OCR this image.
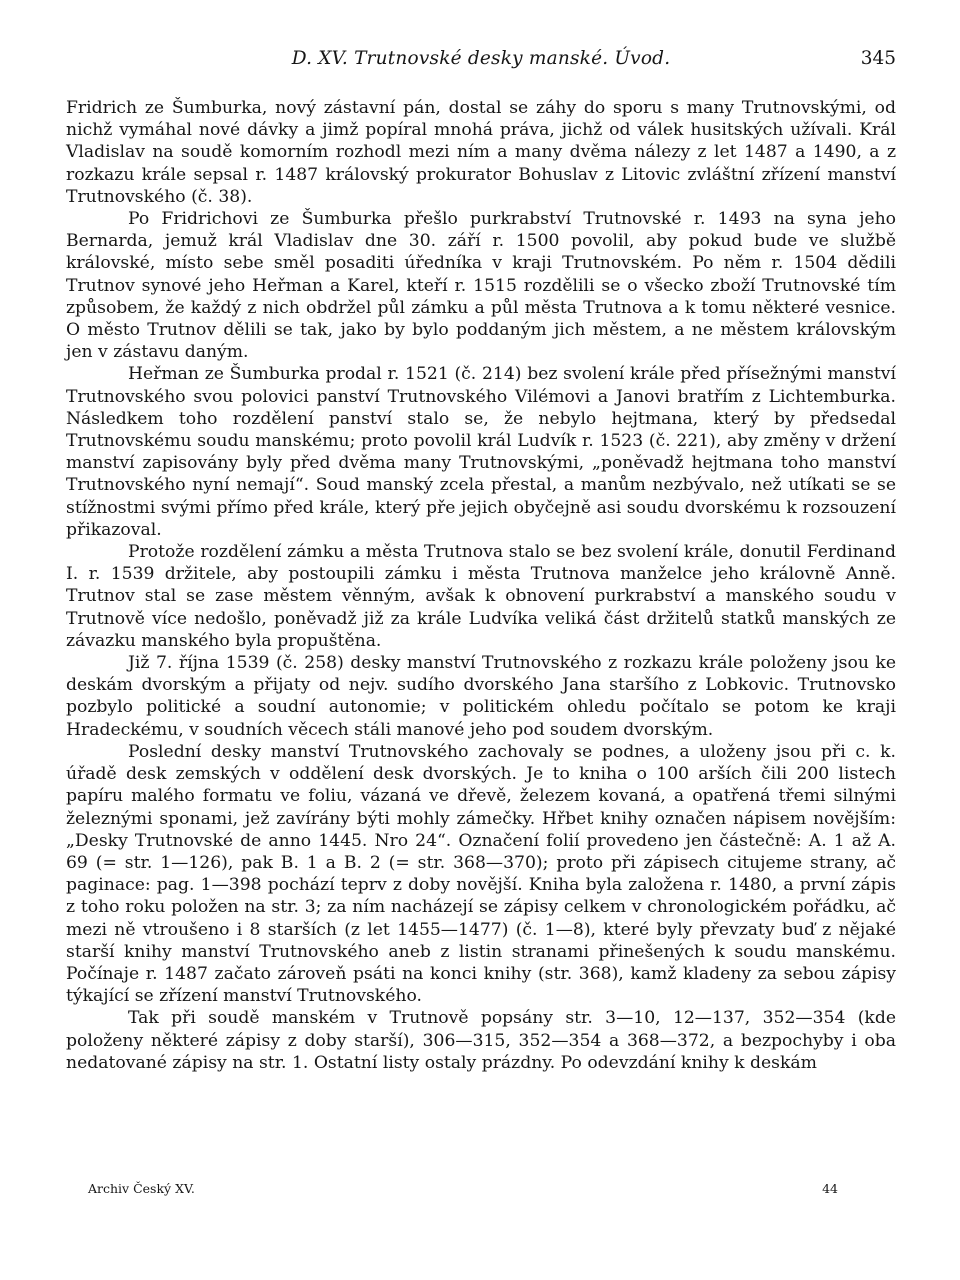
D. XV. Trutnovské desky manské. Úvod.	345

Fridrich ze Šumburka, nový zástavní pán, dostal se záhy do sporu s many Trutnovskými, od nichž vymáhal nové dávky a jimž popíral mnohá práva, jichž od válek husitských užívali. Král Vladislav na soudě komorním rozhodl mezi ním a many dvěma nálezy z let 1487 a 1490, a z rozkazu krále sepsal r. 1487 královský prokurator Bohuslav z Litovic zvláštní zřízení manství Trutnovského (č. 38).

Po Fridrichovi ze Šumburka přešlo purkrabství Trutnovské r. 1493 na syna jeho Bernarda, jemuž král Vladislav dne 30. září r. 1500 povolil, aby pokud bude ve službě královské, místo sebe směl posaditi úředníka v kraji Trutnovském. Po něm r. 1504 dědili Trutnov synové jeho Heřman a Karel, kteří r. 1515 rozdělili se o všecko zboží Trutnovské tím způsobem, že každý z nich obdržel půl zámku a půl města Trutnova a k tomu některé vesnice. O město Trutnov dělili se tak, jako by bylo poddaným jich městem, a ne městem královským jen v zástavu daným.

Heřman ze Šumburka prodal r. 1521 (č. 214) bez svolení krále před přísežnými manství Trutnovského svou polovici panství Trutnovského Vilémovi a Janovi bratřím z Lichtemburka. Následkem toho rozdělení panství stalo se, že nebylo hejtmana, který by předsedal Trutnovskému soudu manskému; proto povolil král Ludvík r. 1523 (č. 221), aby změny v držení manství zapisovány byly před dvěma many Trutnovskými, „poněvadž hejtmana toho manství Trutnovského nyní nemají“. Soud manský zcela přestal, a manům nezbývalo, než utíkati se se stížnostmi svými přímo před krále, který pře jejich obyčejně asi soudu dvorskému k rozsouzení přikazoval.

Protože rozdělení zámku a města Trutnova stalo se bez svolení krále, donutil Ferdinand I. r. 1539 držitele, aby postoupili zámku i města Trutnova manželce jeho královně Anně. Trutnov stal se zase městem věnným, avšak k obnovení purkrabství a manského soudu v Trutnově více nedošlo, poněvadž již za krále Ludvíka veliká část držitelů statků manských ze závazku manského byla propuštěna.

Již 7. října 1539 (č. 258) desky manství Trutnovského z rozkazu krále položeny jsou ke deskám dvorským a přijaty od nejv. sudího dvorského Jana staršího z Lobkovic. Trutnovsko pozbylo politické a soudní autonomie; v politickém ohledu počítalo se potom ke kraji Hradeckému, v soudních věcech stáli manové jeho pod soudem dvorským.

Poslední desky manství Trutnovského zachovaly se podnes, a uloženy jsou při c. k. úřadě desk zemských v oddělení desk dvorských. Je to kniha o 100 arších čili 200 listech papíru malého formatu ve foliu, vázaná ve dřevě, železem kovaná, a opatřená třemi silnými železnými sponami, jež zavírány býti mohly zámečky. Hřbet knihy označen nápisem novějším: „Desky Trutnovské de anno 1445. Nro 24“. Označení folií provedeno jen částečně: A. 1 až A. 69 (= str. 1—126), pak B. 1 a B. 2 (= str. 368—370); proto při zápisech citujeme strany, ač paginace: pag. 1—398 pochází teprv z doby novější. Kniha byla založena r. 1480, a první zápis z toho roku položen na str. 3; za ním nacházejí se zápisy celkem v chronologickém pořádku, ač mezi ně vtroušeno i 8 starších (z let 1455—1477) (č. 1—8), které byly převzaty buď z nějaké starší knihy manství Trutnovského aneb z listin stranami přinešených k soudu manskému. Počínaje r. 1487 začato zároveň psáti na konci knihy (str. 368), kamž kladeny za sebou zápisy týkající se zřízení manství Trutnovského.

Tak při soudě manském v Trutnově popsány str. 3—10, 12—137, 352—354 (kde položeny některé zápisy z doby starší), 306—315, 352—354 a 368—372, a bezpochyby i oba nedatované zápisy na str. 1. Ostatní listy ostaly prázdny. Po odevzdání knihy k deskám

Archiv Český XV.	44
